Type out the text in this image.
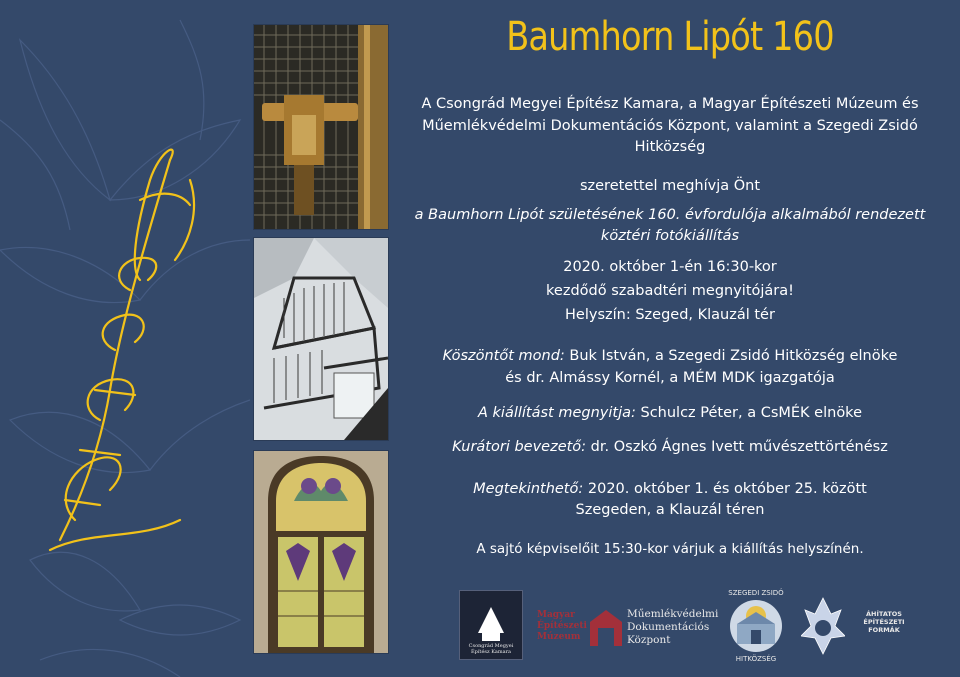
Baumhorn Lipót 160
A Csongrád Megyei Építész Kamara, a Magyar Építészeti Múzeum és
Műemlékvédelmi Dokumentációs Központ, valamint a Szegedi Zsidó
Hitközség
szeretettel meghívja Önt
a Baumhorn Lipót születésének 160. évfordulója alkalmából rendezett
köztéri fotókiállítás
2020. október 1-én 16:30-kor
kezdődő szabadtéri megnyitójára!
Helyszín: Szeged, Klauzál tér
Köszöntőt mond: Buk István, a Szegedi Zsidó Hitközség elnöke
és dr. Almássy Kornél, a MÉM MDK igazgatója
A kiállítást megnyitja: Schulcz Péter, a CsMÉK elnöke
Kurátori bevezető: dr. Oszkó Ágnes Ivett művészettörténész
Megtekinthető: 2020. október 1. és október 25. között
Szegeden, a Klauzál téren
A sajtó képviselőit 15:30-kor várjuk a kiállítás helyszínén.
Csongrád Megyei Építész Kamara
Magyar
Építészeti
Múzeum
Műemlékvédelmi
Dokumentációs
Központ
SZEGEDI ZSIDÓ
HITKÖZSÉG
ÁHÍTATOS
ÉPÍTÉSZETI
FORMÁK
